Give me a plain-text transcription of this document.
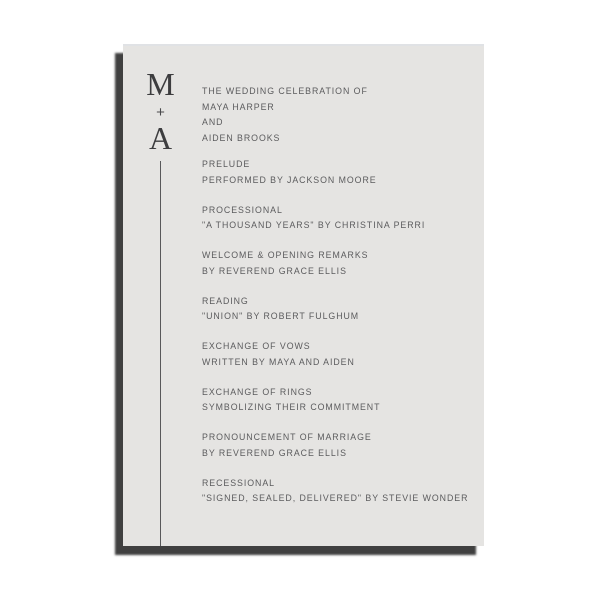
M
+
A
THE WEDDING CELEBRATION OF
MAYA HARPER
AND
AIDEN BROOKS
PRELUDE
PERFORMED BY JACKSON MOORE
PROCESSIONAL
"A THOUSAND YEARS" BY CHRISTINA PERRI
WELCOME & OPENING REMARKS
BY REVEREND GRACE ELLIS
READING
"UNION" BY ROBERT FULGHUM
EXCHANGE OF VOWS
WRITTEN BY MAYA AND AIDEN
EXCHANGE OF RINGS
SYMBOLIZING THEIR COMMITMENT
PRONOUNCEMENT OF MARRIAGE
BY REVEREND GRACE ELLIS
RECESSIONAL
"SIGNED, SEALED, DELIVERED" BY STEVIE WONDER
